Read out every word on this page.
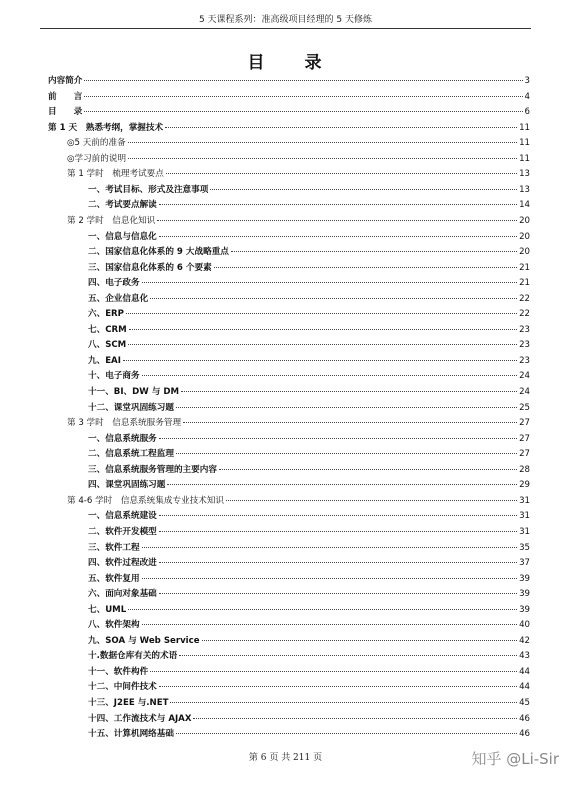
5 天课程系列：准高级项目经理的 5 天修炼
目　　录
内容简介	3
前　　言	4
目　　录	6
第 1 天　熟悉考纲，掌握技术	11
◎5 天前的准备	11
◎学习前的说明	11
第 1 学时　梳理考试要点	13
一、考试目标、形式及注意事项	13
二、考试要点解读	14
第 2 学时　信息化知识	20
一、信息与信息化	20
二、国家信息化体系的 9 大战略重点	20
三、国家信息化体系的 6 个要素	21
四、电子政务	21
五、企业信息化	22
六、ERP	22
七、CRM	23
八、SCM	23
九、EAI	23
十、电子商务	24
十一、BI、DW 与 DM	24
十二、课堂巩固练习题	25
第 3 学时　信息系统服务管理	27
一、信息系统服务	27
二、信息系统工程监理	27
三、信息系统服务管理的主要内容	28
四、课堂巩固练习题	29
第 4-6 学时　信息系统集成专业技术知识	31
一、信息系统建设	31
二、软件开发模型	31
三、软件工程	35
四、软件过程改进	37
五、软件复用	39
六、面向对象基础	39
七、UML	39
八、软件架构	40
九、SOA 与 Web Service	42
十.数据仓库有关的术语	43
十一、软件构件	44
十二、中间件技术	44
十三、J2EE 与.NET	45
十四、工作流技术与 AJAX	46
十五、计算机网络基础	46
第 6 页 共 211 页	知乎 @Li-Sir
